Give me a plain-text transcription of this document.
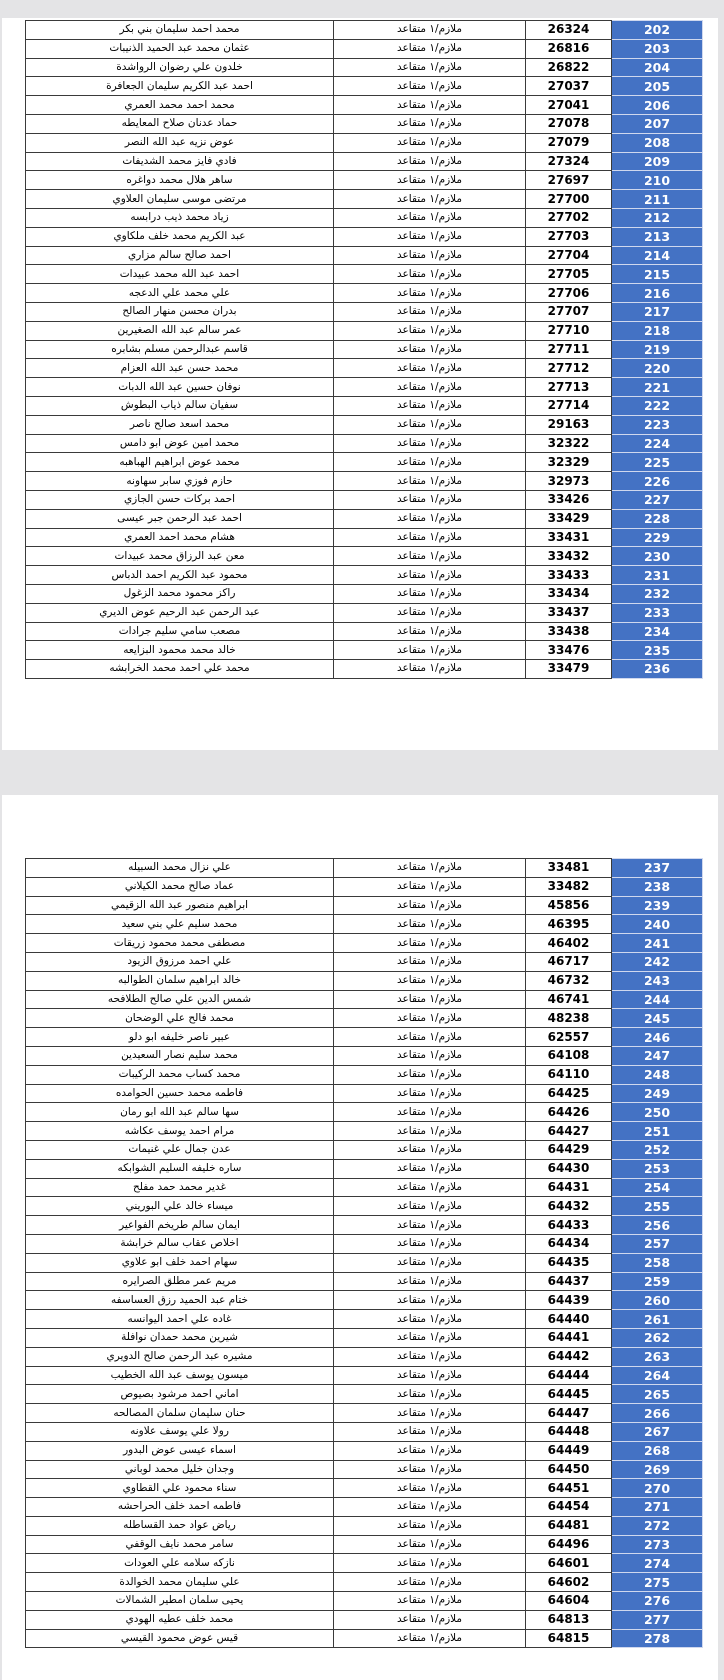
محمد احمد سليمان بني بكر	ملازم/١ متقاعد	26324	202
عثمان محمد عبد الحميد الذنيبات	ملازم/١ متقاعد	26816	203
خلدون علي رضوان الرواشدة	ملازم/١ متقاعد	26822	204
احمد عبد الكريم سليمان الجعافرة	ملازم/١ متقاعد	27037	205
محمد احمد محمد العمري	ملازم/١ متقاعد	27041	206
حماد عدنان صلاح المعايطه	ملازم/١ متقاعد	27078	207
عوض نزيه عبد الله النصر	ملازم/١ متقاعد	27079	208
فادي فايز محمد الشديفات	ملازم/١ متقاعد	27324	209
ساهر هلال محمد دواغره	ملازم/١ متقاعد	27697	210
مرتضى موسى سليمان العلاوي	ملازم/١ متقاعد	27700	211
زياد محمد ذيب درابسه	ملازم/١ متقاعد	27702	212
عبد الكريم محمد خلف ملكاوي	ملازم/١ متقاعد	27703	213
احمد صالح سالم مزاري	ملازم/١ متقاعد	27704	214
احمد عبد الله محمد عبيدات	ملازم/١ متقاعد	27705	215
علي محمد علي الدعجه	ملازم/١ متقاعد	27706	216
بدران محسن منهار الصالح	ملازم/١ متقاعد	27707	217
عمر سالم عبد الله الصغيرين	ملازم/١ متقاعد	27710	218
قاسم عبدالرحمن مسلم بشابره	ملازم/١ متقاعد	27711	219
محمد حسن عبد الله العزام	ملازم/١ متقاعد	27712	220
نوفان حسين عبد الله الدبات	ملازم/١ متقاعد	27713	221
سفيان سالم ذياب البطوش	ملازم/١ متقاعد	27714	222
محمد اسعد صالح ناصر	ملازم/١ متقاعد	29163	223
محمد امين عوض ابو دامس	ملازم/١ متقاعد	32322	224
محمد عوض ابراهيم الهباهبه	ملازم/١ متقاعد	32329	225
حازم فوزي سابر سهاونه	ملازم/١ متقاعد	32973	226
احمد بركات حسن الجازي	ملازم/١ متقاعد	33426	227
احمد عبد الرحمن جبر عيسى	ملازم/١ متقاعد	33429	228
هشام محمد احمد العمري	ملازم/١ متقاعد	33431	229
معن عبد الرزاق محمد عبيدات	ملازم/١ متقاعد	33432	230
محمود عبد الكريم احمد الدباس	ملازم/١ متقاعد	33433	231
راكز محمود محمد الزغول	ملازم/١ متقاعد	33434	232
عبد الرحمن عبد الرحيم عوض الديري	ملازم/١ متقاعد	33437	233
مصعب سامي سليم جرادات	ملازم/١ متقاعد	33438	234
خالد محمد محمود البزايعه	ملازم/١ متقاعد	33476	235
محمد علي احمد محمد الخرابشه	ملازم/١ متقاعد	33479	236
علي نزال محمد السبيله	ملازم/١ متقاعد	33481	237
عماد صالح محمد الكيلاني	ملازم/١ متقاعد	33482	238
ابراهيم منصور عبد الله الزقيمي	ملازم/١ متقاعد	45856	239
محمد سليم علي بني سعيد	ملازم/١ متقاعد	46395	240
مصطفى محمد محمود زريقات	ملازم/١ متقاعد	46402	241
علي احمد مرزوق الزيود	ملازم/١ متقاعد	46717	242
خالد ابراهيم سلمان الطوالبه	ملازم/١ متقاعد	46732	243
شمس الدين علي صالح الطلافحه	ملازم/١ متقاعد	46741	244
محمد فالح علي الوضحان	ملازم/١ متقاعد	48238	245
عبير ناصر خليفه ابو دلو	ملازم/١ متقاعد	62557	246
محمد سليم نصار السعيدين	ملازم/١ متقاعد	64108	247
محمد كساب محمد الركيبات	ملازم/١ متقاعد	64110	248
فاطمه محمد حسين الحوامده	ملازم/١ متقاعد	64425	249
سها سالم عبد الله ابو رمان	ملازم/١ متقاعد	64426	250
مرام احمد يوسف عكاشه	ملازم/١ متقاعد	64427	251
عدن جمال علي غنيمات	ملازم/١ متقاعد	64429	252
ساره خليفه السليم الشوابكه	ملازم/١ متقاعد	64430	253
غدير محمد حمد مفلح	ملازم/١ متقاعد	64431	254
ميساء خالد علي البوريني	ملازم/١ متقاعد	64432	255
ايمان سالم طريخم الفواعير	ملازم/١ متقاعد	64433	256
اخلاص عقاب سالم خرابشة	ملازم/١ متقاعد	64434	257
سهام احمد خلف ابو علاوي	ملازم/١ متقاعد	64435	258
مريم عمر مطلق الصرايره	ملازم/١ متقاعد	64437	259
ختام عبد الحميد رزق العساسفه	ملازم/١ متقاعد	64439	260
غاده علي احمد اليوانسه	ملازم/١ متقاعد	64440	261
شيرين محمد حمدان نوافلة	ملازم/١ متقاعد	64441	262
مشيره عبد الرحمن صالح الدويري	ملازم/١ متقاعد	64442	263
ميسون يوسف عبد الله الخطيب	ملازم/١ متقاعد	64444	264
اماني احمد مرشود بصيوص	ملازم/١ متقاعد	64445	265
حنان سليمان سلمان المصالحه	ملازم/١ متقاعد	64447	266
رولا علي يوسف علاونه	ملازم/١ متقاعد	64448	267
اسماء عيسى عوض البدور	ملازم/١ متقاعد	64449	268
وجدان خليل محمد لوباني	ملازم/١ متقاعد	64450	269
سناء محمود علي القطاوي	ملازم/١ متقاعد	64451	270
فاطمه احمد خلف الحراحشه	ملازم/١ متقاعد	64454	271
رياض عواد حمد القساطله	ملازم/١ متقاعد	64481	272
سامر محمد نايف الوقفي	ملازم/١ متقاعد	64496	273
نازكه سلامه علي العودات	ملازم/١ متقاعد	64601	274
علي سليمان محمد الخوالدة	ملازم/١ متقاعد	64602	275
يحيى سلمان امطير الشمالات	ملازم/١ متقاعد	64604	276
محمد خلف عطيه الهودي	ملازم/١ متقاعد	64813	277
قيس عوض محمود القيسي	ملازم/١ متقاعد	64815	278
